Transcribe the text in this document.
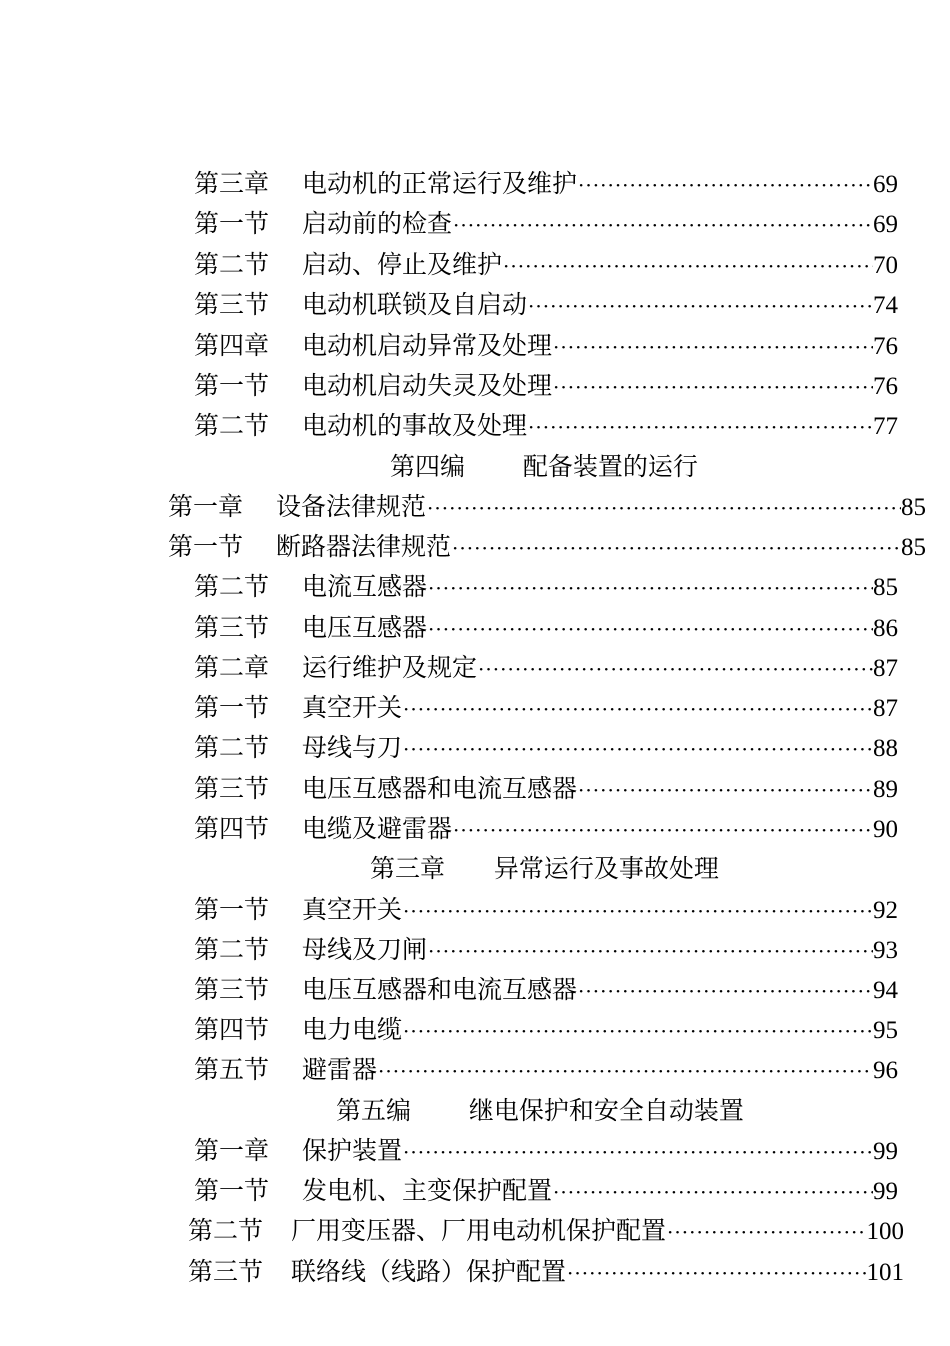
第三章 电动机的正常运行及维护 ·····	69
第一节 启动前的检查 ·····	69
第二节 启动、停止及维护 ·····	70
第三节 电动机联锁及自启动 ·····	74
第四章 电动机启动异常及处理 ·····	76
第一节 电动机启动失灵及处理 ·····	76
第二节 电动机的事故及处理 ·····	77
第四编 配备装置的运行
第一章 设备法律规范 ·····	85
第一节 断路器法律规范 ·····	85
第二节 电流互感器 ·····	85
第三节 电压互感器 ·····	86
第二章 运行维护及规定 ·····	87
第一节 真空开关 ·····	87
第二节 母线与刀 ·····	88
第三节 电压互感器和电流互感器 ·····	89
第四节 电缆及避雷器 ·····	90
第三章 异常运行及事故处理
第一节 真空开关 ·····	92
第二节 母线及刀闸 ·····	93
第三节 电压互感器和电流互感器 ·····	94
第四节 电力电缆 ·····	95
第五节 避雷器 ·····	96
第五编 继电保护和安全自动装置
第一章 保护装置 ·····	99
第一节 发电机、主变保护配置 ·····	99
第二节 厂用变压器、厂用电动机保护配置 ·····	100
第三节 联络线（线路）保护配置 ·····	101
